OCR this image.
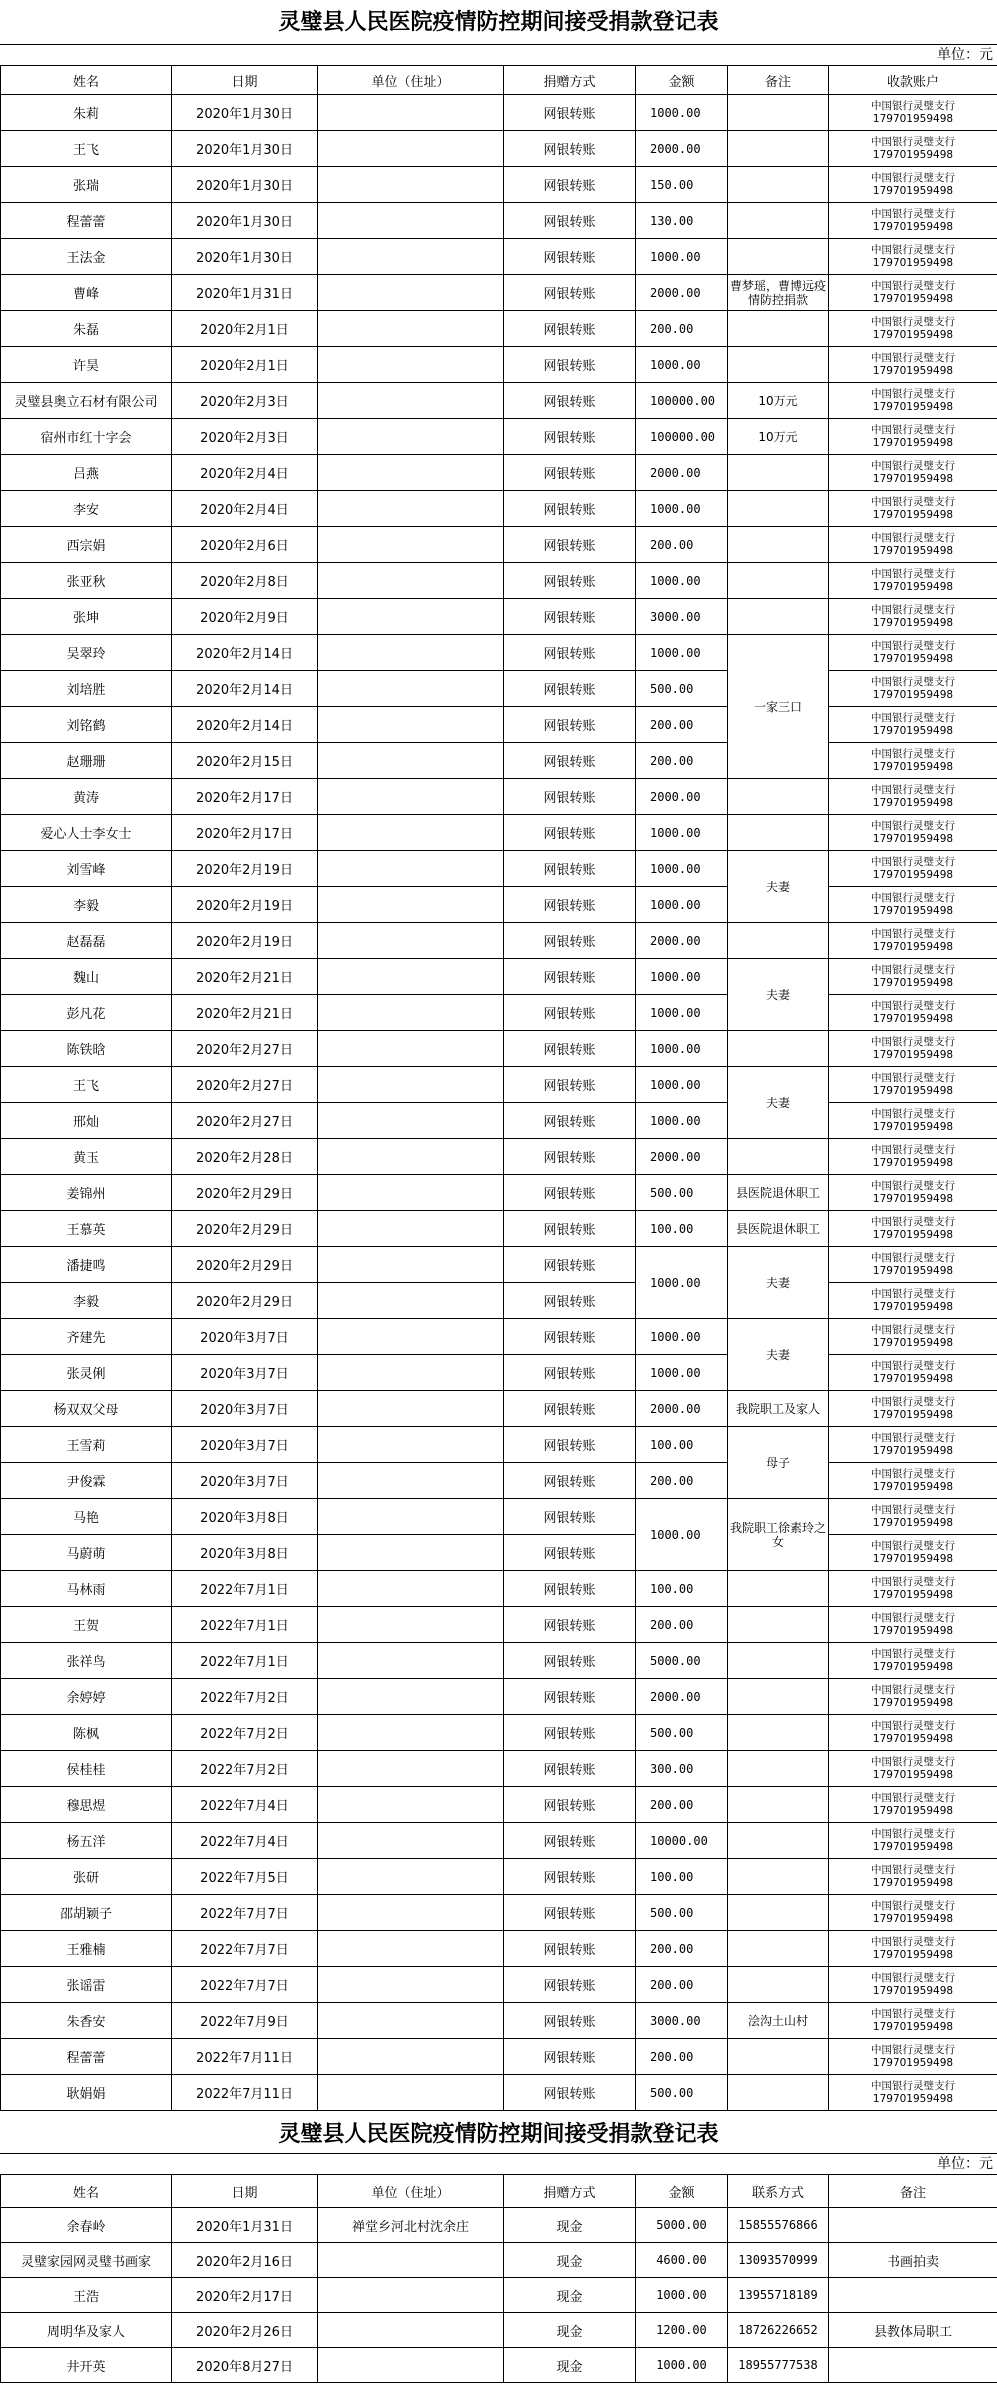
灵璧县人民医院疫情防控期间接受捐款登记表
单位：元
姓名	日期	单位（住址）	捐赠方式	金额	备注	收款账户
朱莉	2020年1月30日		网银转账	1000.00		中国银行灵璧支行179701959498
王飞	2020年1月30日		网银转账	2000.00		中国银行灵璧支行179701959498
张瑞	2020年1月30日		网银转账	150.00		中国银行灵璧支行179701959498
程蕾蕾	2020年1月30日		网银转账	130.00		中国银行灵璧支行179701959498
王法金	2020年1月30日		网银转账	1000.00		中国银行灵璧支行179701959498
曹峰	2020年1月31日		网银转账	2000.00	曹梦瑶，曹博远疫情防控捐款	中国银行灵璧支行179701959498
朱磊	2020年2月1日		网银转账	200.00		中国银行灵璧支行179701959498
许昊	2020年2月1日		网银转账	1000.00		中国银行灵璧支行179701959498
灵璧县奥立石材有限公司	2020年2月3日		网银转账	100000.00	10万元	中国银行灵璧支行179701959498
宿州市红十字会	2020年2月3日		网银转账	100000.00	10万元	中国银行灵璧支行179701959498
吕燕	2020年2月4日		网银转账	2000.00		中国银行灵璧支行179701959498
李安	2020年2月4日		网银转账	1000.00		中国银行灵璧支行179701959498
西宗娟	2020年2月6日		网银转账	200.00		中国银行灵璧支行179701959498
张亚秋	2020年2月8日		网银转账	1000.00		中国银行灵璧支行179701959498
张坤	2020年2月9日		网银转账	3000.00		中国银行灵璧支行179701959498
吴翠玲	2020年2月14日		网银转账	1000.00	一家三口	中国银行灵璧支行179701959498
刘培胜	2020年2月14日		网银转账	500.00		中国银行灵璧支行179701959498
刘铭鹤	2020年2月14日		网银转账	200.00		中国银行灵璧支行179701959498
赵珊珊	2020年2月15日		网银转账	200.00		中国银行灵璧支行179701959498
黄涛	2020年2月17日		网银转账	2000.00		中国银行灵璧支行179701959498
爱心人士李女士	2020年2月17日		网银转账	1000.00		中国银行灵璧支行179701959498
刘雪峰	2020年2月19日		网银转账	1000.00	夫妻	中国银行灵璧支行179701959498
李毅	2020年2月19日		网银转账	1000.00		中国银行灵璧支行179701959498
赵磊磊	2020年2月19日		网银转账	2000.00		中国银行灵璧支行179701959498
魏山	2020年2月21日		网银转账	1000.00	夫妻	中国银行灵璧支行179701959498
彭凡花	2020年2月21日		网银转账	1000.00		中国银行灵璧支行179701959498
陈铁晗	2020年2月27日		网银转账	1000.00		中国银行灵璧支行179701959498
王飞	2020年2月27日		网银转账	1000.00	夫妻	中国银行灵璧支行179701959498
邢灿	2020年2月27日		网银转账	1000.00		中国银行灵璧支行179701959498
黄玉	2020年2月28日		网银转账	2000.00		中国银行灵璧支行179701959498
姜锦州	2020年2月29日		网银转账	500.00	县医院退休职工	中国银行灵璧支行179701959498
王慕英	2020年2月29日		网银转账	100.00	县医院退休职工	中国银行灵璧支行179701959498
潘捷鸣	2020年2月29日		网银转账	1000.00	夫妻	中国银行灵璧支行179701959498
李毅	2020年2月29日		网银转账			中国银行灵璧支行179701959498
齐建先	2020年3月7日		网银转账	1000.00	夫妻	中国银行灵璧支行179701959498
张灵俐	2020年3月7日		网银转账	1000.00		中国银行灵璧支行179701959498
杨双双父母	2020年3月7日		网银转账	2000.00	我院职工及家人	中国银行灵璧支行179701959498
王雪莉	2020年3月7日		网银转账	100.00	母子	中国银行灵璧支行179701959498
尹俊霖	2020年3月7日		网银转账	200.00		中国银行灵璧支行179701959498
马艳	2020年3月8日		网银转账	1000.00	我院职工徐素玲之女	中国银行灵璧支行179701959498
马蔚萌	2020年3月8日		网银转账			中国银行灵璧支行179701959498
马林雨	2022年7月1日		网银转账	100.00		中国银行灵璧支行179701959498
王贺	2022年7月1日		网银转账	200.00		中国银行灵璧支行179701959498
张祥鸟	2022年7月1日		网银转账	5000.00		中国银行灵璧支行179701959498
余婷婷	2022年7月2日		网银转账	2000.00		中国银行灵璧支行179701959498
陈枫	2022年7月2日		网银转账	500.00		中国银行灵璧支行179701959498
侯桂桂	2022年7月2日		网银转账	300.00		中国银行灵璧支行179701959498
穆思煜	2022年7月4日		网银转账	200.00		中国银行灵璧支行179701959498
杨五洋	2022年7月4日		网银转账	10000.00		中国银行灵璧支行179701959498
张研	2022年7月5日		网银转账	100.00		中国银行灵璧支行179701959498
邵胡颖子	2022年7月7日		网银转账	500.00		中国银行灵璧支行179701959498
王雅楠	2022年7月7日		网银转账	200.00		中国银行灵璧支行179701959498
张谣雷	2022年7月7日		网银转账	200.00		中国银行灵璧支行179701959498
朱香安	2022年7月9日		网银转账	3000.00	浍沟土山村	中国银行灵璧支行179701959498
程蕾蕾	2022年7月11日		网银转账	200.00		中国银行灵璧支行179701959498
耿娟娟	2022年7月11日		网银转账	500.00		中国银行灵璧支行179701959498
灵璧县人民医院疫情防控期间接受捐款登记表
单位：元
姓名	日期	单位（住址）	捐赠方式	金额	联系方式	备注
余春岭	2020年1月31日	禅堂乡河北村沈余庄	现金	5000.00	15855576866	
灵璧家园网灵璧书画家	2020年2月16日		现金	4600.00	13093570999	书画拍卖
王浩	2020年2月17日		现金	1000.00	13955718189	
周明华及家人	2020年2月26日		现金	1200.00	18726226652	县教体局职工
井开英	2020年8月27日		现金	1000.00	18955777538	
